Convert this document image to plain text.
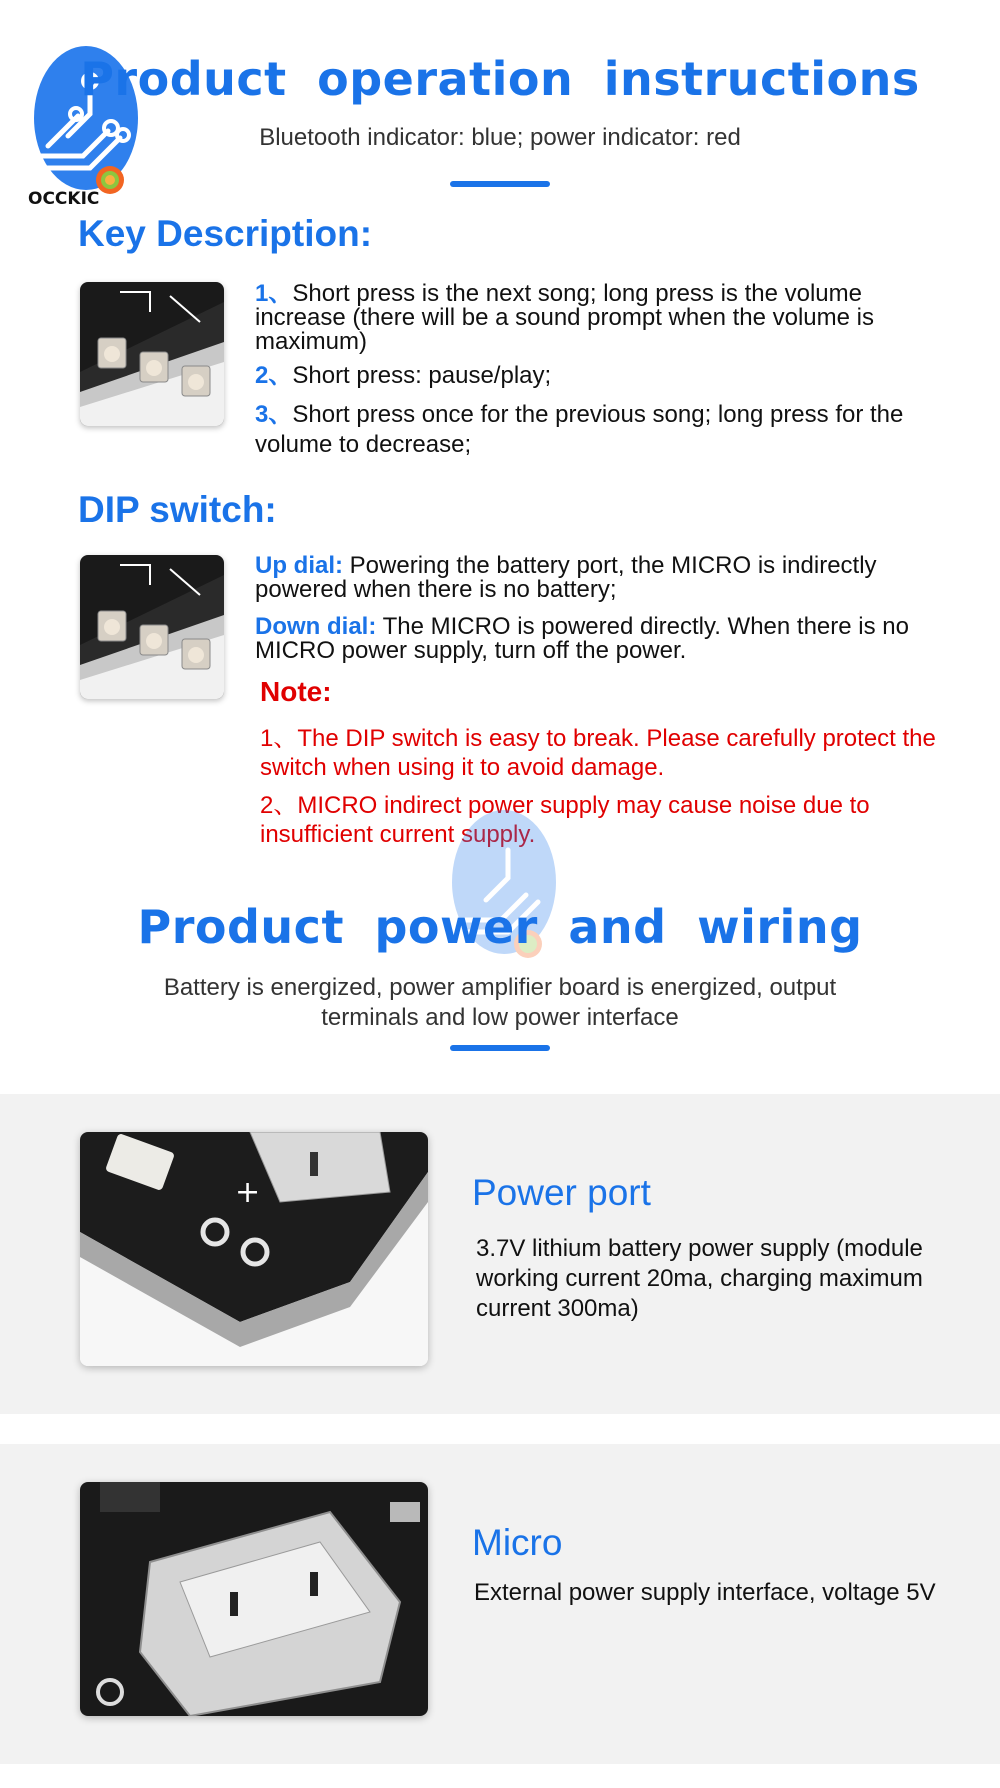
OCCKIC
Product operation instructions
Bluetooth indicator: blue; power indicator: red
Key Description:
1、Short press is the next song; long press is the volume increase (there will be a sound prompt when the volume is maximum)
2、Short press: pause/play;
3、Short press once for the previous song; long press for the volume to decrease;
DIP switch:
Up dial: Powering the battery port, the MICRO is indirectly powered when there is no battery;
Down dial: The MICRO is powered directly. When there is no MICRO power supply, turn off the power.
Note:
1、The DIP switch is easy to break. Please carefully protect the switch when using it to avoid damage.
2、MICRO indirect power supply may cause noise due to insufficient current supply.
Product power and wiring
Battery is energized, power amplifier board is energized, output terminals and low power interface
+	Power port
3.7V lithium battery power supply (module working current 20ma, charging maximum current 300ma)
Micro
External power supply interface, voltage 5V
